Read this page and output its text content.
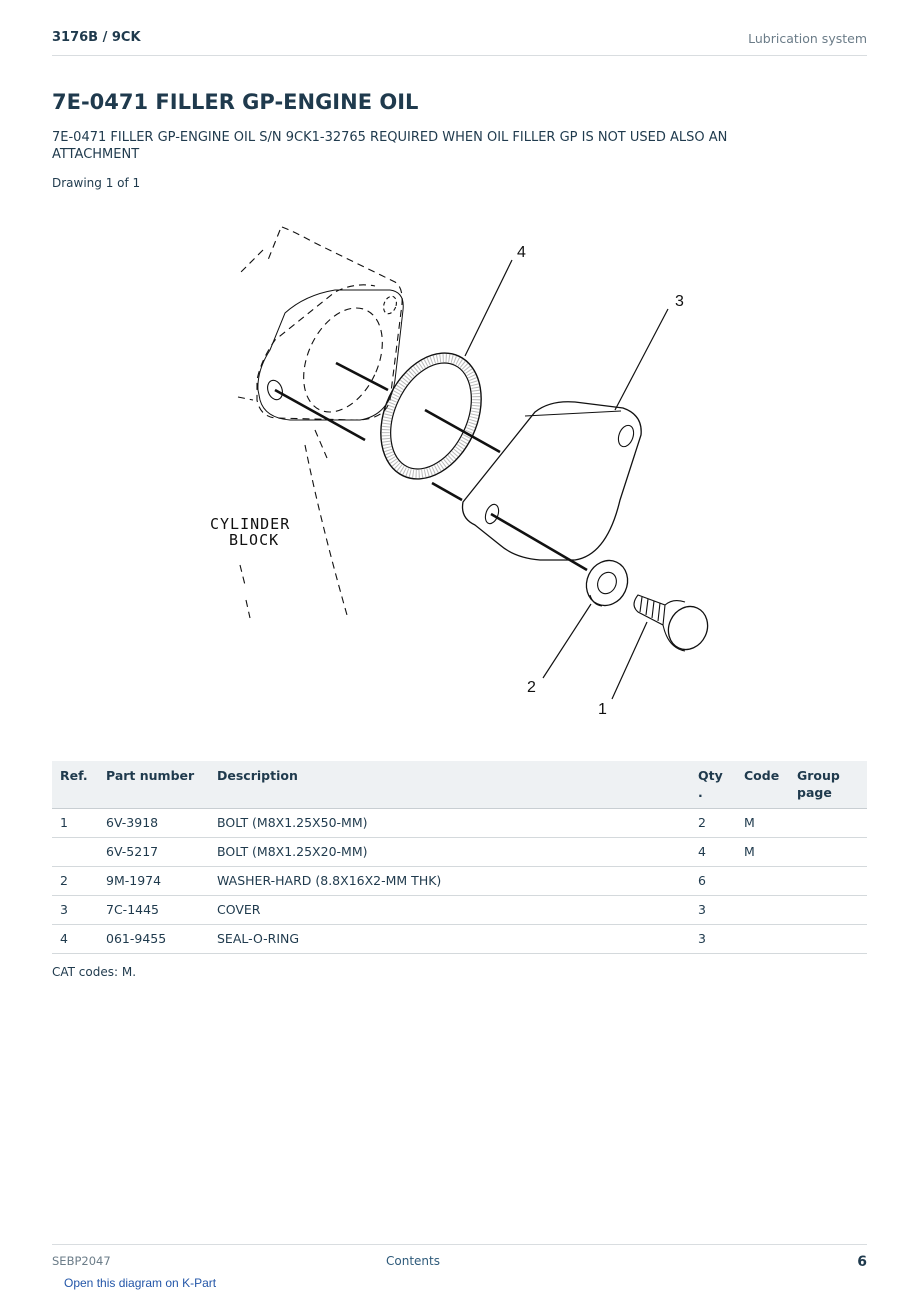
3176B / 9CK	Lubrication system
7E-0471 FILLER GP-ENGINE OIL
7E-0471 FILLER GP-ENGINE OIL S/N 9CK1-32765 REQUIRED WHEN OIL FILLER GP IS NOT USED ALSO AN ATTACHMENT
Drawing 1 of 1
4
3
2
1
CYLINDER
BLOCK
Ref.	Part number	Description	Qty .	Code	Group page
1	6V-3918	BOLT (M8X1.25X50-MM)	2	M	
	6V-5217	BOLT (M8X1.25X20-MM)	4	M	
2	9M-1974	WASHER-HARD (8.8X16X2-MM THK)	6		
3	7C-1445	COVER	3		
4	061-9455	SEAL-O-RING	3		
CAT codes: M.
SEBP2047	Contents	6
Open this diagram on K-Part
